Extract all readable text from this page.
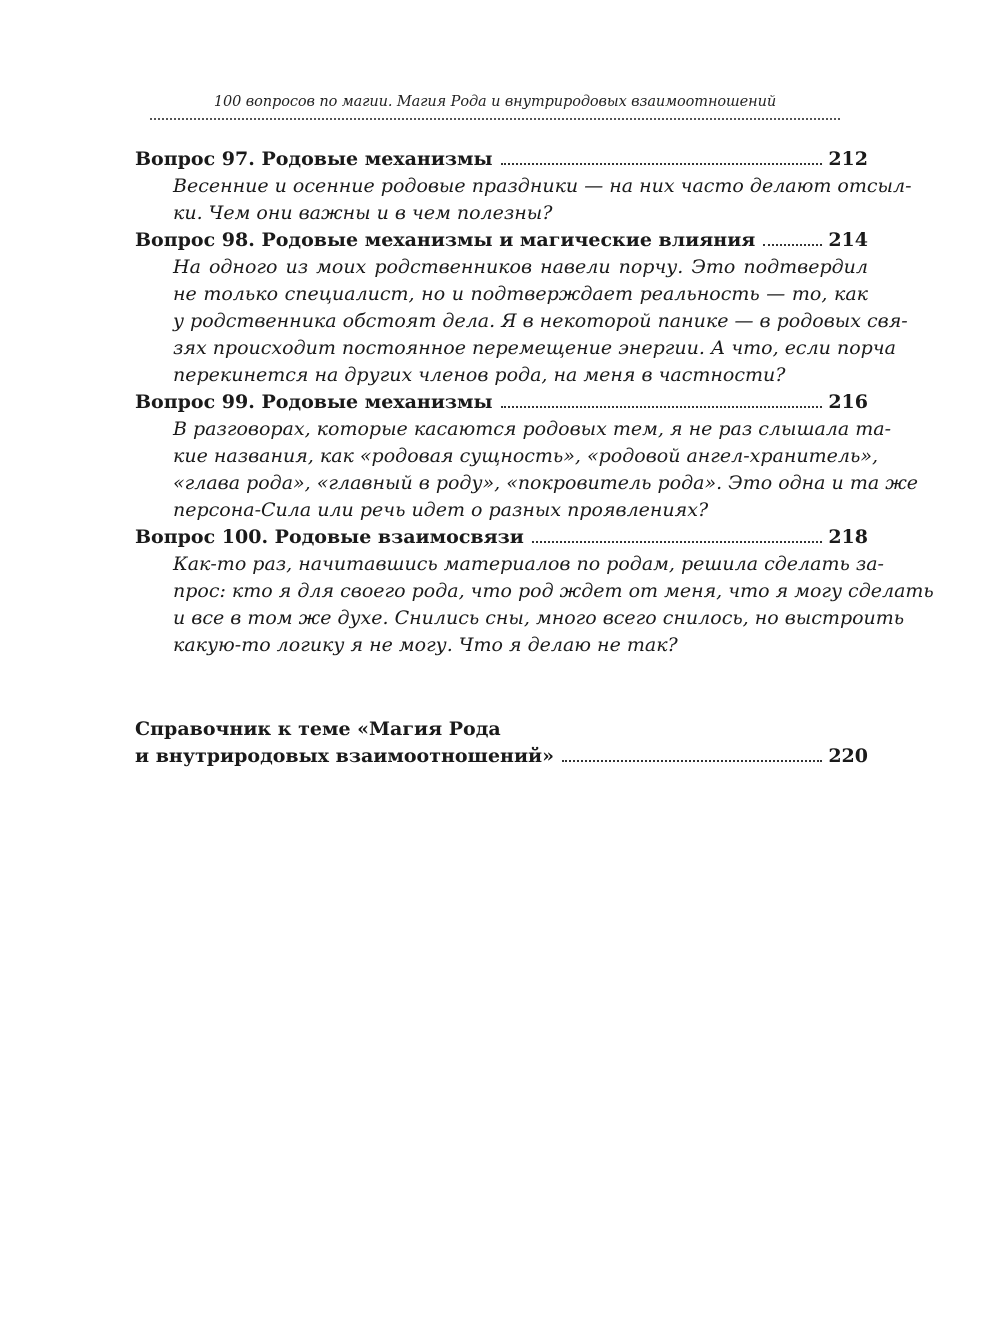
100 вопросов по магии. Магия Рода и внутриродовых взаимоотношений
Вопрос 97. Родовые механизмы	212
Весенние и осенние родовые праздники — на них часто делают отсыл-
ки. Чем они важны и в чем полезны?
Вопрос 98. Родовые механизмы и магические влияния	214
На одного из моих родственников навели порчу. Это подтвердил
не только специалист, но и подтверждает реальность — то, как
у родственника обстоят дела. Я в некоторой панике — в родовых свя-
зях происходит постоянное перемещение энергии. А что, если порча
перекинется на других членов рода, на меня в частности?
Вопрос 99. Родовые механизмы	216
В разговорах, которые касаются родовых тем, я не раз слышала та-
кие названия, как «родовая сущность», «родовой ангел-хранитель»,
«глава рода», «главный в роду», «покровитель рода». Это одна и та же
персона-Сила или речь идет о разных проявлениях?
Вопрос 100. Родовые взаимосвязи	218
Как-то раз, начитавшись материалов по родам, решила сделать за-
прос: кто я для своего рода, что род ждет от меня, что я могу сделать
и все в том же духе. Снились сны, много всего снилось, но выстроить
какую-то логику я не могу. Что я делаю не так?
Справочник к теме «Магия Рода
и внутриродовых взаимоотношений»	220
